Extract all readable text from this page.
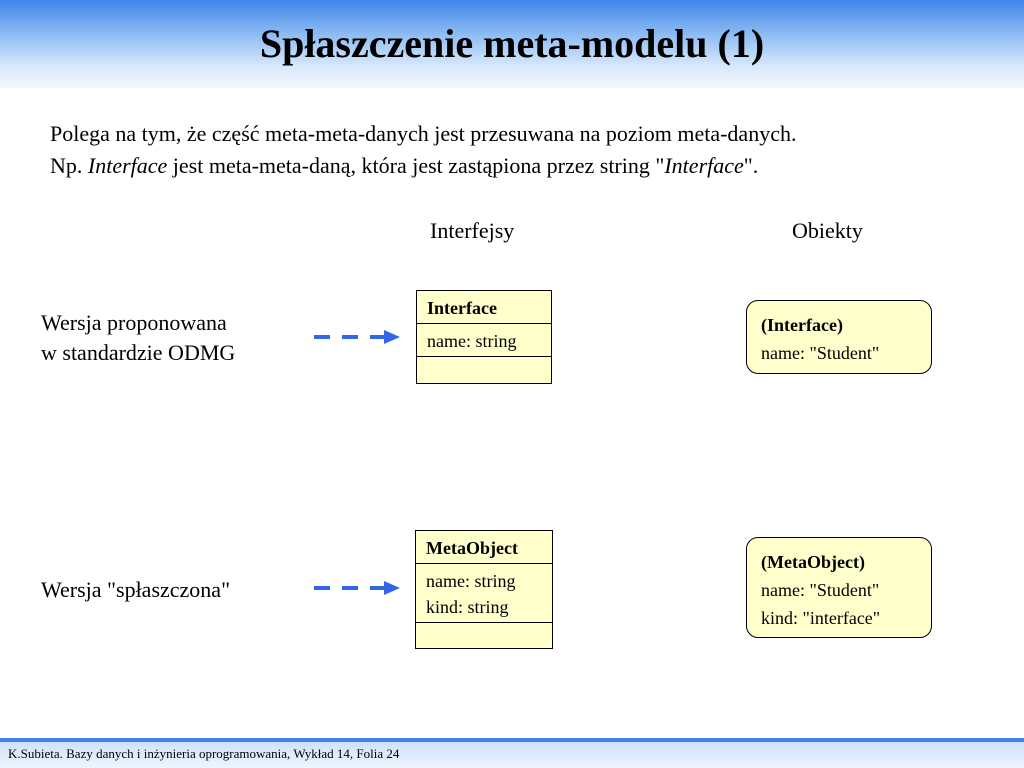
Spłaszczenie meta-modelu (1)

Polega na tym, że część meta-meta-danych jest przesuwana na poziom meta-danych.

Np. Interface jest meta-meta-daną, która jest zastąpiona przez string "Interface".

Interfejsy	Obiekty
Wersja proponowana
w standardzie ODMG
Interface
name: string
(Interface)
name: "Student"
Wersja "spłaszczona"
MetaObject
name: string
kind: string
(MetaObject)
name: "Student"
kind: "interface"
K.Subieta. Bazy danych i inżynieria oprogramowania, Wykład 14, Folia 24
